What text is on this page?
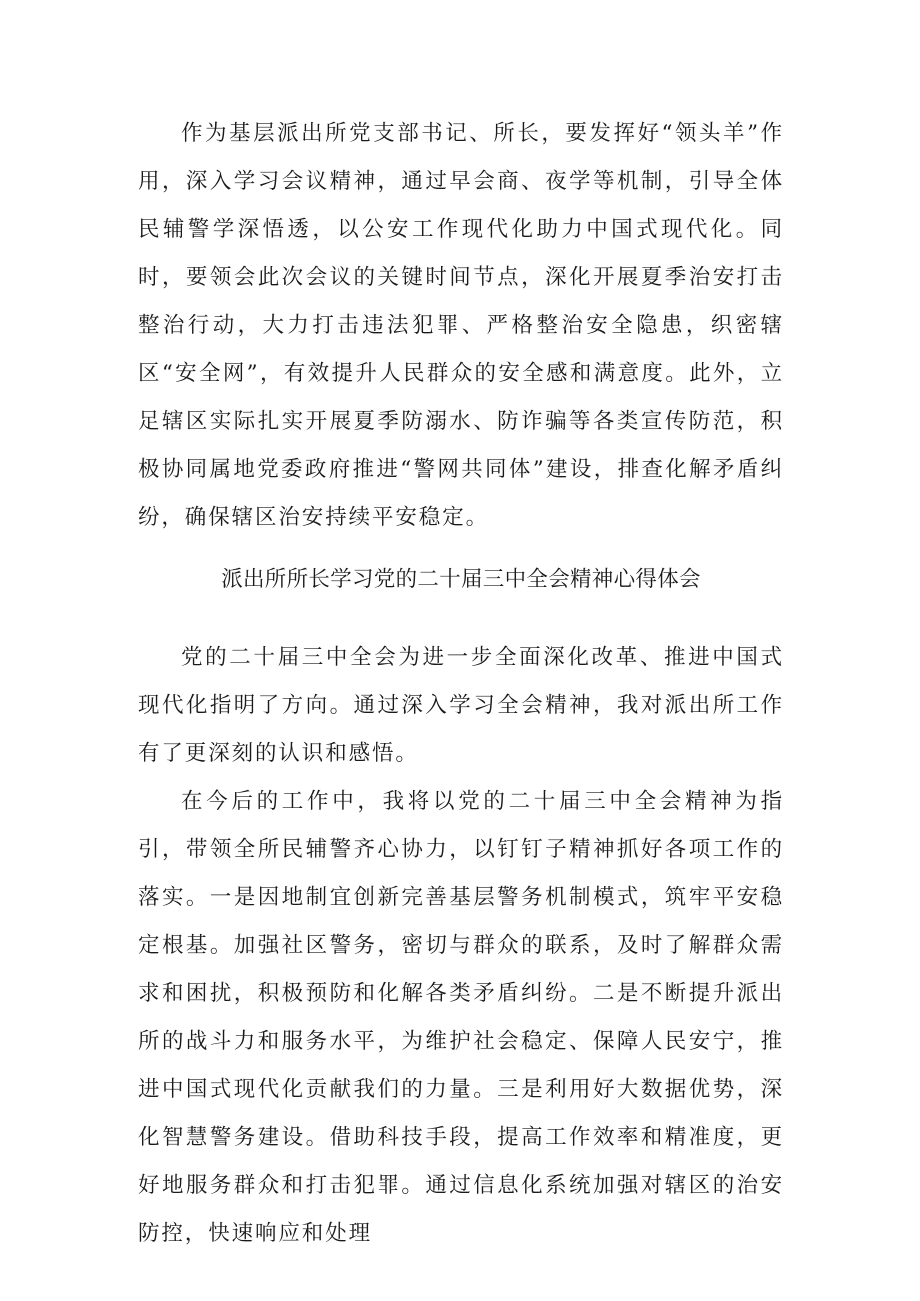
作为基层派出所党支部书记、所长，要发挥好“领头羊”作用，深入学习会议精神，通过早会商、夜学等机制，引导全体民辅警学深悟透，以公安工作现代化助力中国式现代化。同时，要领会此次会议的关键时间节点，深化开展夏季治安打击整治行动，大力打击违法犯罪、严格整治安全隐患，织密辖区“安全网”，有效提升人民群众的安全感和满意度。此外，立足辖区实际扎实开展夏季防溺水、防诈骗等各类宣传防范，积极协同属地党委政府推进“警网共同体”建设，排查化解矛盾纠纷，确保辖区治安持续平安稳定。

派出所所长学习党的二十届三中全会精神心得体会

党的二十届三中全会为进一步全面深化改革、推进中国式现代化指明了方向。通过深入学习全会精神，我对派出所工作有了更深刻的认识和感悟。

在今后的工作中，我将以党的二十届三中全会精神为指引，带领全所民辅警齐心协力，以钉钉子精神抓好各项工作的落实。一是因地制宜创新完善基层警务机制模式，筑牢平安稳定根基。加强社区警务，密切与群众的联系，及时了解群众需求和困扰，积极预防和化解各类矛盾纠纷。二是不断提升派出所的战斗力和服务水平，为维护社会稳定、保障人民安宁，推进中国式现代化贡献我们的力量。三是利用好大数据优势，深化智慧警务建设。借助科技手段，提高工作效率和精准度，更好地服务群众和打击犯罪。通过信息化系统加强对辖区的治安防控，快速响应和处理
